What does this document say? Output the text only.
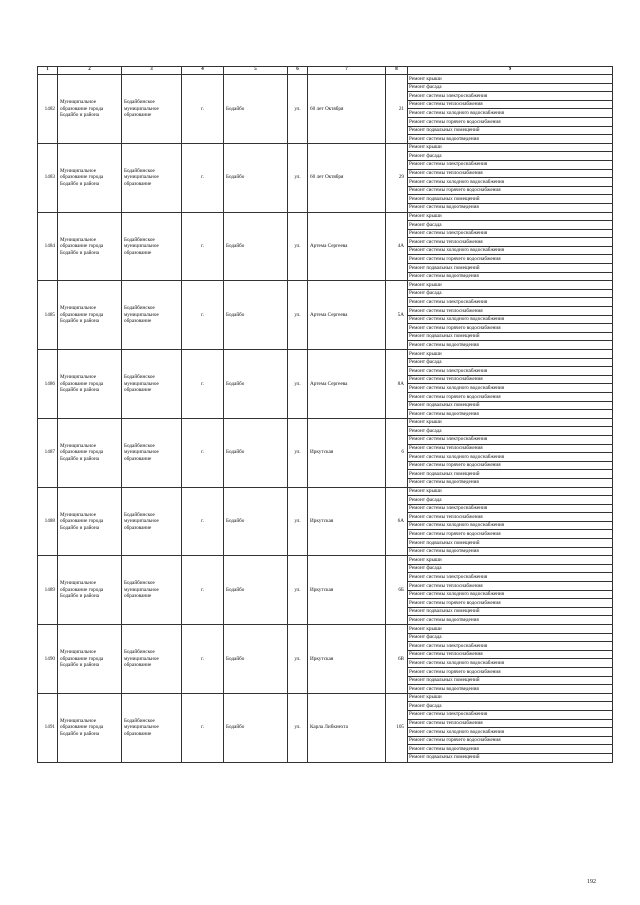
1	2	3	4	5	6	7	8	9
1482	Муниципальное образование города Бодайбо и района	Бодайбинское муниципальное образование	г.	Бодайбо	ул.	60 лет Октября	21	Ремонт крыши
								Ремонт фасада
								Ремонт системы электроснабжения
								Ремонт системы теплоснабжения
								Ремонт системы холодного водоснабжения
								Ремонт системы горячего водоснабжения
								Ремонт подвальных помещений
								Ремонт системы водоотведения
1483	Муниципальное образование города Бодайбо и района	Бодайбинское муниципальное образование	г.	Бодайбо	ул.	60 лет Октября	29	Ремонт крыши
								Ремонт фасада
								Ремонт системы электроснабжения
								Ремонт системы теплоснабжения
								Ремонт системы холодного водоснабжения
								Ремонт системы горячего водоснабжения
								Ремонт подвальных помещений
								Ремонт системы водоотведения
1484	Муниципальное образование города Бодайбо и района	Бодайбинское муниципальное образование	г.	Бодайбо	ул.	Артема Сергеева	4А	Ремонт крыши
								Ремонт фасада
								Ремонт системы электроснабжения
								Ремонт системы теплоснабжения
								Ремонт системы холодного водоснабжения
								Ремонт системы горячего водоснабжения
								Ремонт подвальных помещений
								Ремонт системы водоотведения
1485	Муниципальное образование города Бодайбо и района	Бодайбинское муниципальное образование	г.	Бодайбо	ул.	Артема Сергеева	5А	Ремонт крыши
								Ремонт фасада
								Ремонт системы электроснабжения
								Ремонт системы теплоснабжения
								Ремонт системы холодного водоснабжения
								Ремонт системы горячего водоснабжения
								Ремонт подвальных помещений
								Ремонт системы водоотведения
1486	Муниципальное образование города Бодайбо и района	Бодайбинское муниципальное образование	г.	Бодайбо	ул.	Артема Сергеева	8А	Ремонт крыши
								Ремонт фасада
								Ремонт системы электроснабжения
								Ремонт системы теплоснабжения
								Ремонт системы холодного водоснабжения
								Ремонт системы горячего водоснабжения
								Ремонт подвальных помещений
								Ремонт системы водоотведения
1487	Муниципальное образование города Бодайбо и района	Бодайбинское муниципальное образование	г.	Бодайбо	ул.	Иркутская	6	Ремонт крыши
								Ремонт фасада
								Ремонт системы электроснабжения
								Ремонт системы теплоснабжения
								Ремонт системы холодного водоснабжения
								Ремонт системы горячего водоснабжения
								Ремонт подвальных помещений
								Ремонт системы водоотведения
1488	Муниципальное образование города Бодайбо и района	Бодайбинское муниципальное образование	г.	Бодайбо	ул.	Иркутская	6А	Ремонт крыши
								Ремонт фасада
								Ремонт системы электроснабжения
								Ремонт системы теплоснабжения
								Ремонт системы холодного водоснабжения
								Ремонт системы горячего водоснабжения
								Ремонт подвальных помещений
								Ремонт системы водоотведения
1489	Муниципальное образование города Бодайбо и района	Бодайбинское муниципальное образование	г.	Бодайбо	ул.	Иркутская	6Б	Ремонт крыши
								Ремонт фасада
								Ремонт системы электроснабжения
								Ремонт системы теплоснабжения
								Ремонт системы холодного водоснабжения
								Ремонт системы горячего водоснабжения
								Ремонт подвальных помещений
								Ремонт системы водоотведения
1490	Муниципальное образование города Бодайбо и района	Бодайбинское муниципальное образование	г.	Бодайбо	ул.	Иркутская	6В	Ремонт крыши
								Ремонт фасада
								Ремонт системы электроснабжения
								Ремонт системы теплоснабжения
								Ремонт системы холодного водоснабжения
								Ремонт системы горячего водоснабжения
								Ремонт подвальных помещений
								Ремонт системы водоотведения
1491	Муниципальное образование города Бодайбо и района	Бодайбинское муниципальное образование	г.	Бодайбо	ул.	Карла Либкнехта	105	Ремонт крыши
								Ремонт фасада
								Ремонт системы электроснабжения
								Ремонт системы теплоснабжения
								Ремонт системы холодного водоснабжения
								Ремонт системы горячего водоснабжения
								Ремонт системы водоотведения
								Ремонт подвальных помещений
192
